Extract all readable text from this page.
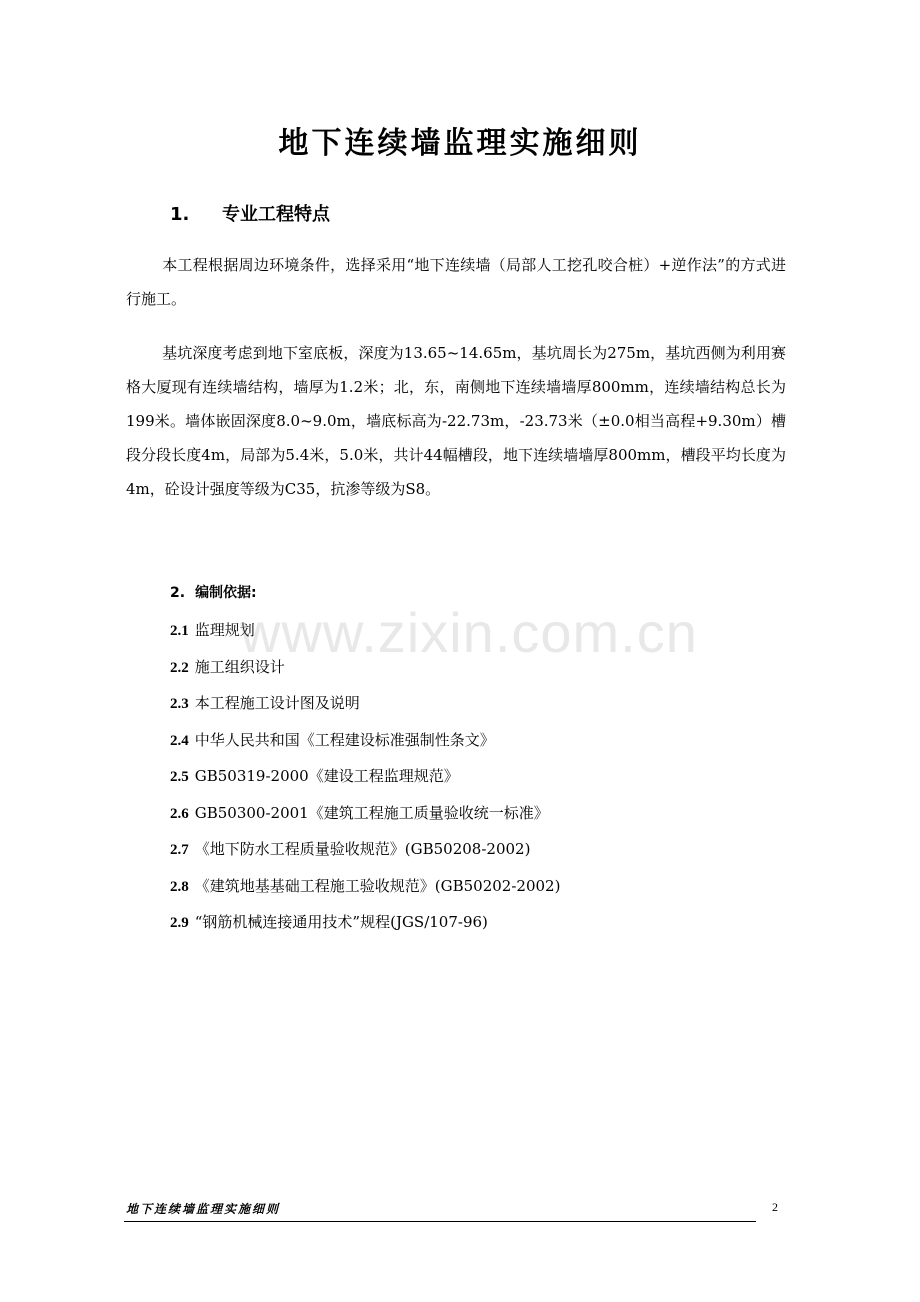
地下连续墙监理实施细则
1. 专业工程特点

本工程根据周边环境条件，选择采用“地下连续墙（局部人工挖孔咬合桩）+逆作法”的方式进行施工。

基坑深度考虑到地下室底板，深度为13.65~14.65m，基坑周长为275m，基坑西侧为利用赛格大厦现有连续墙结构，墙厚为1.2米；北，东，南侧地下连续墙墙厚800mm，连续墙结构总长为199米。墙体嵌固深度8.0~9.0m，墙底标高为-22.73m，-23.73米（±0.0相当高程+9.30m）槽段分段长度4m，局部为5.4米，5.0米，共计44幅槽段，地下连续墙墙厚800mm，槽段平均长度为4m，砼设计强度等级为C35，抗渗等级为S8。

2. 编制依据:
2.1 监理规划
2.2 施工组织设计
2.3 本工程施工设计图及说明
2.4 中华人民共和国《工程建设标准强制性条文》
2.5 GB50319-2000《建设工程监理规范》
2.6 GB50300-2001《建筑工程施工质量验收统一标准》
2.7 《地下防水工程质量验收规范》(GB50208-2002)
2.8 《建筑地基基础工程施工验收规范》(GB50202-2002)
2.9 “钢筋机械连接通用技术”规程(JGS/107-96)
www.zixin.com.cn
地下连续墙监理实施细则	2
